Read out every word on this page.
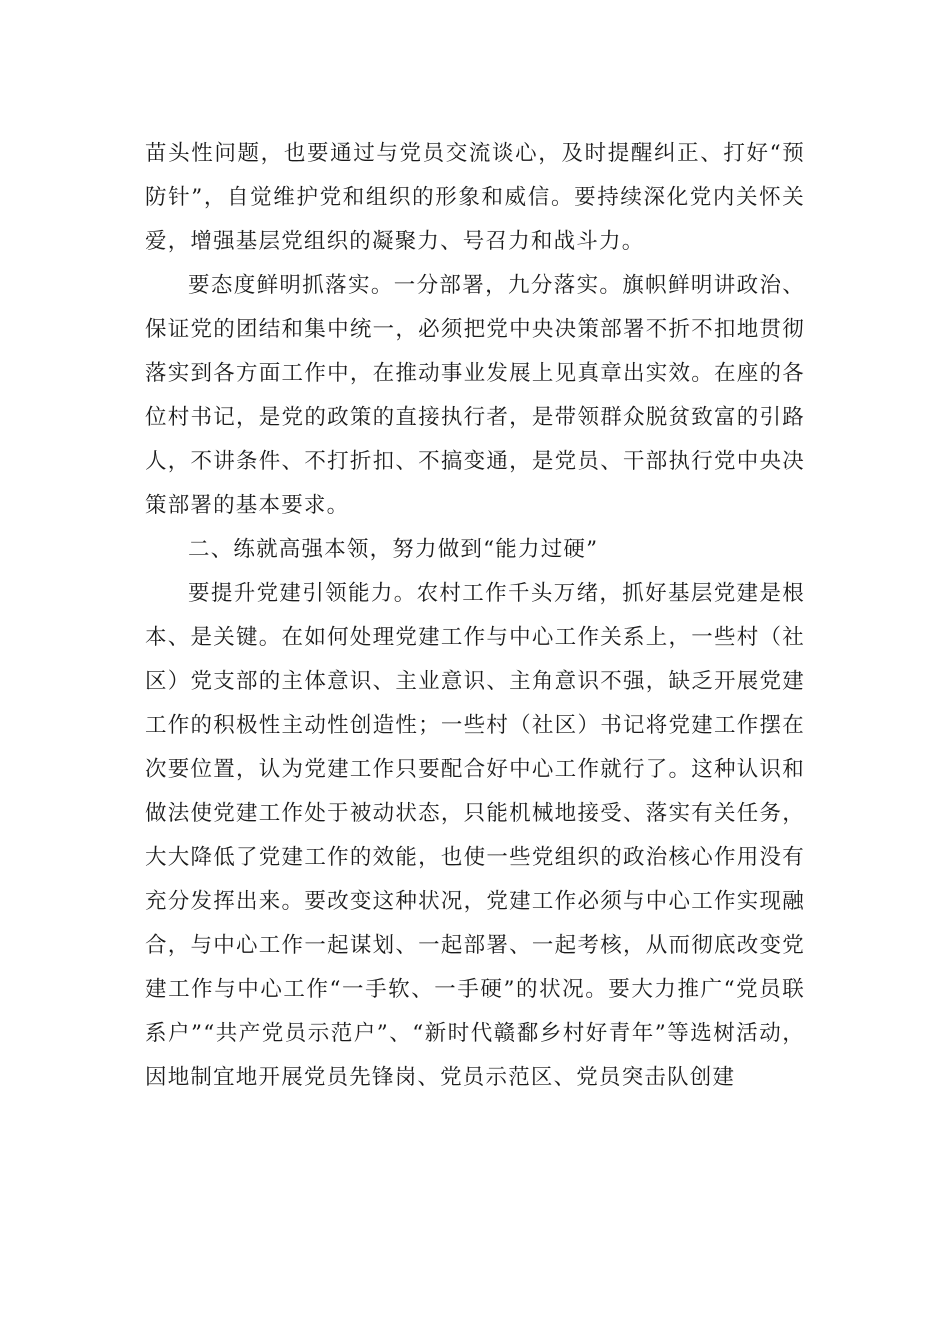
苗头性问题，也要通过与党员交流谈心，及时提醒纠正、打好“预防针”，自觉维护党和组织的形象和威信。要持续深化党内关怀关爱，增强基层党组织的凝聚力、号召力和战斗力。

要态度鲜明抓落实。一分部署，九分落实。旗帜鲜明讲政治、保证党的团结和集中统一，必须把党中央决策部署不折不扣地贯彻落实到各方面工作中，在推动事业发展上见真章出实效。在座的各位村书记，是党的政策的直接执行者，是带领群众脱贫致富的引路人，不讲条件、不打折扣、不搞变通，是党员、干部执行党中央决策部署的基本要求。

二、练就高强本领，努力做到“能力过硬”

要提升党建引领能力。农村工作千头万绪，抓好基层党建是根本、是关键。在如何处理党建工作与中心工作关系上，一些村（社区）党支部的主体意识、主业意识、主角意识不强，缺乏开展党建工作的积极性主动性创造性；一些村（社区）书记将党建工作摆在次要位置，认为党建工作只要配合好中心工作就行了。这种认识和做法使党建工作处于被动状态，只能机械地接受、落实有关任务，大大降低了党建工作的效能，也使一些党组织的政治核心作用没有充分发挥出来。要改变这种状况，党建工作必须与中心工作实现融合，与中心工作一起谋划、一起部署、一起考核，从而彻底改变党建工作与中心工作“一手软、一手硬”的状况。要大力推广“党员联系户”“共产党员示范户”、“新时代赣鄱乡村好青年”等选树活动，因地制宜地开展党员先锋岗、党员示范区、党员突击队创建
